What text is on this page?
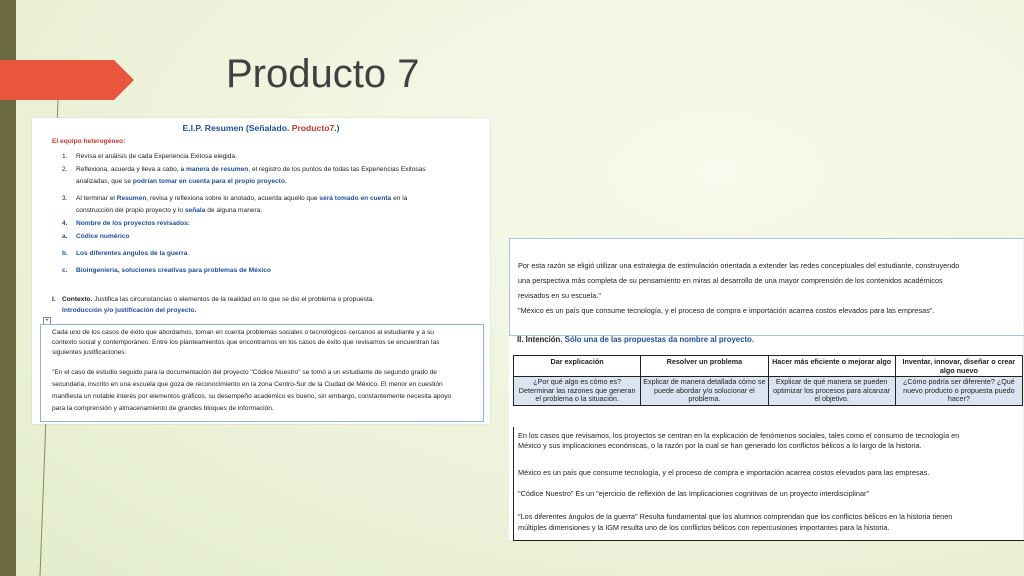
Producto 7
E.I.P. Resumen (Señalado. Producto7.)
El equipo heterogéneo:
1. Revisa el análisis de cada Experiencia Exitosa elegida.
2. Reflexiona, acuerda y lleva a cabo, a manera de resumen, el registro de los puntos de todas las Experiencias Exitosas
analizadas, que se podrían tomar en cuenta para el propio proyecto.
3. Al terminar el Resumen, revisa y reflexiona sobre lo anotado, acuerda aquello que será tomado en cuenta en la
construcción del propio proyecto y lo señala de alguna manera.
4. Nombre de los proyectos revisados:
a. Códice numérico
b. Los diferentes ángulos de la guerra
c. Bioingeniería, soluciones creativas para problemas de México
I. Contexto. Justifica las circunstancias o elementos de la realidad en lo que se dio el problema o propuesta.
Introducción y/o justificación del proyecto.
+
Cada uno de los casos de éxito que abordamos, toman en cuenta problemas sociales o tecnológicos cercanos al estudiante y a su
contexto social y contemporáneo. Entre los planteamientos que encontramos en los casos de éxito que revisamos se encuentran las
siguientes justificaciones:
"En el caso de estudio seguido para la documentación del proyecto "Códice Nuestro" se tomó a un estudiante de segundo grado de
secundaria, inscrito en una escuela que goza de reconocimiento en la zona Centro-Sur de la Ciudad de México. El menor en cuestión
manifiesta un notable interés por elementos gráficos, su desempeño académico es bueno, sin embargo, constantemente necesita apoyo
para la comprensión y almacenamiento de grandes bloques de información.
Por esta razón se eligió utilizar una estrategia de estimulación orientada a extender las redes conceptuales del estudiante, construyendo
una perspectiva más completa de su pensamiento en miras al desarrollo de una mayor comprensión de los contenidos académicos
revisados en su escuela."
"México es un país que consume tecnología, y el proceso de compra e importación acarrea costos elevados para las empresas".
II. Intención. Sólo una de las propuestas da nombre al proyecto.
Dar explicación	Resolver un problema	Hacer más eficiente o mejorar algo	Inventar, innovar, diseñar o crear algo nuevo
¿Por qué algo es cómo es? Determinar las razones que generan el problema o la situación.	Explicar de manera detallada cómo se puede abordar y/o solucionar el problema.	Explicar de qué manera se pueden optimizar los procesos para alcanzar el objetivo.	¿Cómo podría ser diferente? ¿Qué nuevo producto o propuesta puedo hacer?
En los casos que revisamos, los proyectos se centran en la explicación de fenómenos sociales, tales como el consumo de tecnología en
México y sus implicaciones económicas, o la razón por la cual se han generado los conflictos bélicos a lo largo de la historia.
México es un país que consume tecnología, y el proceso de compra e importación acarrea costos elevados para las empresas.
"Códice Nuestro" Es un "ejercicio de reflexión de las Implicaciones cognitivas de un proyecto interdisciplinar"
"Los diferentes ángulos de la guerra" Resulta fundamental que los alumnos comprendan que los conflictos bélicos en la historia tienen
múltiples dimensiones y la IGM resulta uno de los conflictos bélicos con repercusiones importantes para la historia.
